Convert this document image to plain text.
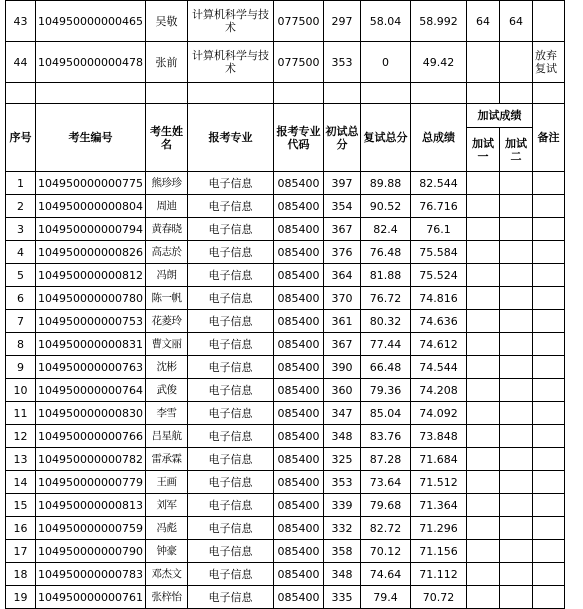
43	104950000000465	吴敬	计算机科学与技术	077500	297	58.04	58.992	64	64	
44	104950000000478	张前	计算机科学与技术	077500	353	0	49.42			放弃复试

序号	考生编号	考生姓名	报考专业	报考专业代码	初试总分	复试总分	总成绩	加试成绩		备注
								加试一	加试二	
1	104950000000775	熊珍珍	电子信息	085400	397	89.88	82.544			
2	104950000000804	周迪	电子信息	085400	354	90.52	76.716			
3	104950000000794	黄春晓	电子信息	085400	367	82.4	76.1			
4	104950000000826	高志於	电子信息	085400	376	76.48	75.584			
5	104950000000812	冯朗	电子信息	085400	364	81.88	75.524			
6	104950000000780	陈一帆	电子信息	085400	370	76.72	74.816			
7	104950000000753	花菱玲	电子信息	085400	361	80.32	74.636			
8	104950000000831	曹文丽	电子信息	085400	367	77.44	74.612			
9	104950000000763	沈彬	电子信息	085400	390	66.48	74.544			
10	104950000000764	武俊	电子信息	085400	360	79.36	74.208			
11	104950000000830	李雪	电子信息	085400	347	85.04	74.092			
12	104950000000766	吕星航	电子信息	085400	348	83.76	73.848			
13	104950000000782	雷承霖	电子信息	085400	325	87.28	71.684			
14	104950000000779	王画	电子信息	085400	353	73.64	71.512			
15	104950000000813	刘军	电子信息	085400	339	79.68	71.364			
16	104950000000759	冯彪	电子信息	085400	332	82.72	71.296			
17	104950000000790	钟豪	电子信息	085400	358	70.12	71.156			
18	104950000000783	邓杰文	电子信息	085400	348	74.64	71.112			
19	104950000000761	张梓怡	电子信息	085400	335	79.4	70.72			
